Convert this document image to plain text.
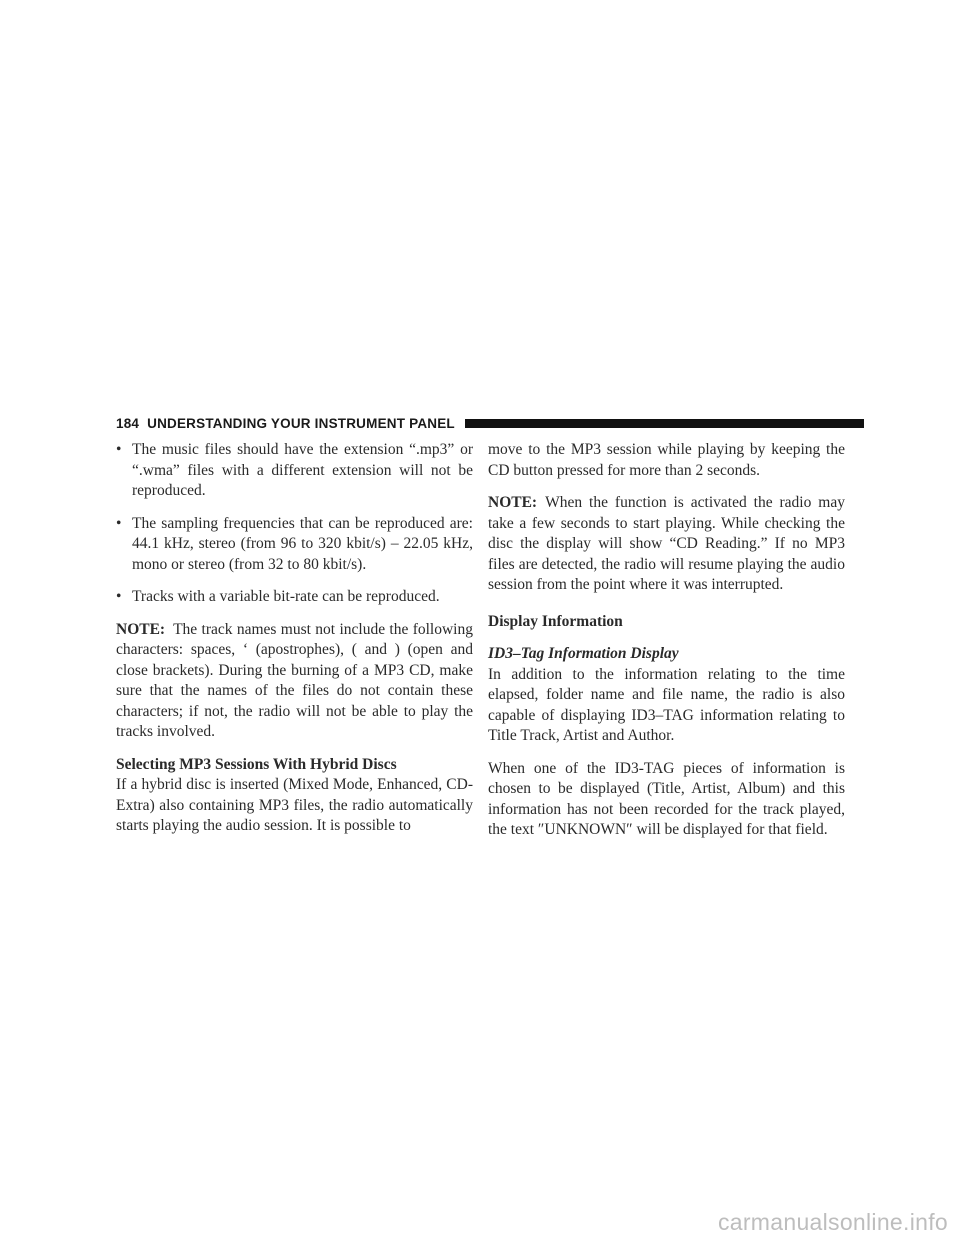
184 UNDERSTANDING YOUR INSTRUMENT PANEL
• The music files should have the extension “.mp3” or “.wma” files with a different extension will not be reproduced.
• The sampling frequencies that can be reproduced are: 44.1 kHz, stereo (from 96 to 320 kbit/s) – 22.05 kHz, mono or stereo (from 32 to 80 kbit/s).
• Tracks with a variable bit-rate can be reproduced.

NOTE: The track names must not include the following characters: spaces, ‘ (apostrophes), ( and ) (open and close brackets). During the burning of a MP3 CD, make sure that the names of the files do not contain these characters; if not, the radio will not be able to play the tracks involved.

Selecting MP3 Sessions With Hybrid Discs

If a hybrid disc is inserted (Mixed Mode, Enhanced, CD-Extra) also containing MP3 files, the radio automatically starts playing the audio session. It is possible to

move to the MP3 session while playing by keeping the CD button pressed for more than 2 seconds.

NOTE: When the function is activated the radio may take a few seconds to start playing. While checking the disc the display will show “CD Reading.” If no MP3 files are detected, the radio will resume playing the audio session from the point where it was interrupted.

Display Information
ID3–Tag Information Display

In addition to the information relating to the time elapsed, folder name and file name, the radio is also capable of displaying ID3–TAG information relating to Title Track, Artist and Author.

When one of the ID3-TAG pieces of information is chosen to be displayed (Title, Artist, Album) and this information has not been recorded for the track played, the text ″UNKNOWN″ will be displayed for that field.

carmanualsonline.info
